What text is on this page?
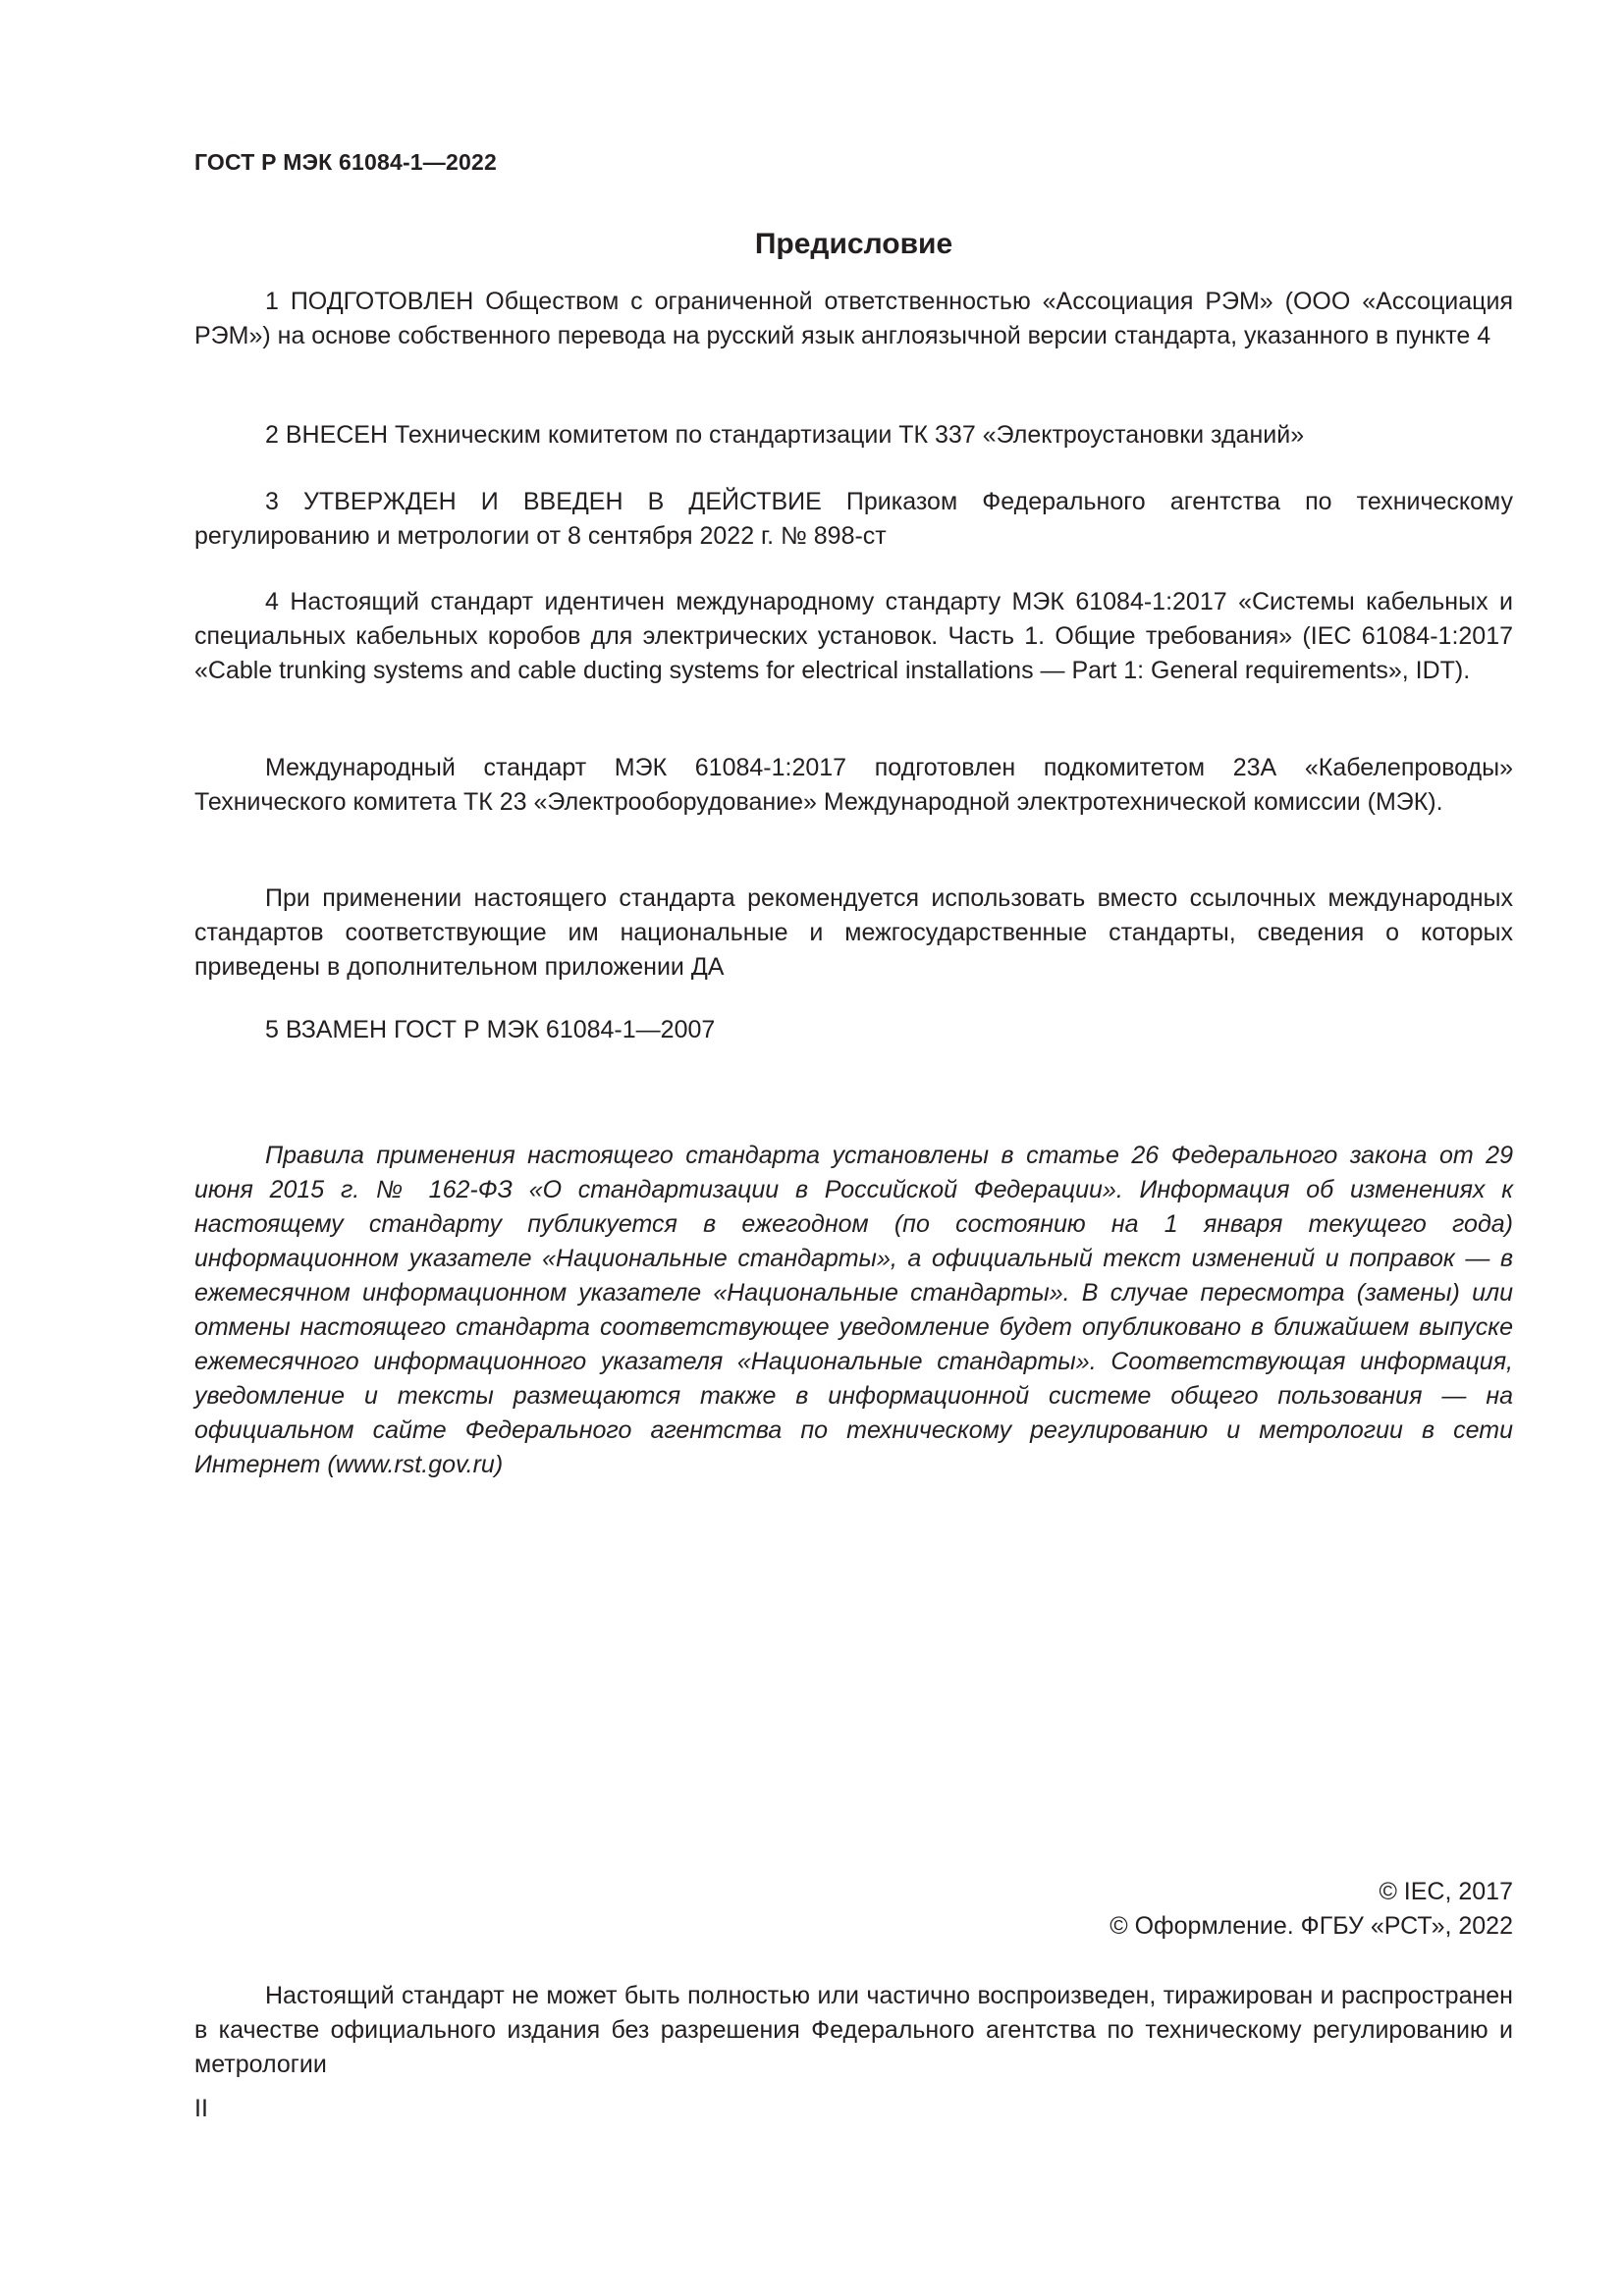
ГОСТ Р МЭК 61084-1—2022
Предисловие

1 ПОДГОТОВЛЕН Обществом с ограниченной ответственностью «Ассоциация РЭМ» (ООО «Ассоциация РЭМ») на основе собственного перевода на русский язык англоязычной версии стандарта, указанного в пункте 4

2 ВНЕСЕН Техническим комитетом по стандартизации ТК 337 «Электроустановки зданий»

3 УТВЕРЖДЕН И ВВЕДЕН В ДЕЙСТВИЕ Приказом Федерального агентства по техническому регулированию и метрологии от 8 сентября 2022 г. № 898-ст

4 Настоящий стандарт идентичен международному стандарту МЭК 61084-1:2017 «Системы кабельных и специальных кабельных коробов для электрических установок. Часть 1. Общие требования» (IEC 61084-1:2017 «Cable trunking systems and cable ducting systems for electrical installations — Part 1: General requirements», IDT).

Международный стандарт МЭК 61084-1:2017 подготовлен подкомитетом 23А «Кабелепроводы» Технического комитета ТК 23 «Электрооборудование» Международной электротехнической комиссии (МЭК).

При применении настоящего стандарта рекомендуется использовать вместо ссылочных международных стандартов соответствующие им национальные и межгосударственные стандарты, сведения о которых приведены в дополнительном приложении ДА

5 ВЗАМЕН ГОСТ Р МЭК 61084-1—2007

Правила применения настоящего стандарта установлены в статье 26 Федерального закона от 29 июня 2015 г. № 162-ФЗ «О стандартизации в Российской Федерации». Информация об изменениях к настоящему стандарту публикуется в ежегодном (по состоянию на 1 января текущего года) информационном указателе «Национальные стандарты», а официальный текст изменений и поправок — в ежемесячном информационном указателе «Национальные стандарты». В случае пересмотра (замены) или отмены настоящего стандарта соответствующее уведомление будет опубликовано в ближайшем выпуске ежемесячного информационного указателя «Национальные стандарты». Соответствующая информация, уведомление и тексты размещаются также в информационной системе общего пользования — на официальном сайте Федерального агентства по техническому регулированию и метрологии в сети Интернет (www.rst.gov.ru)

© IEC, 2017
© Оформление. ФГБУ «РСТ», 2022

Настоящий стандарт не может быть полностью или частично воспроизведен, тиражирован и распространен в качестве официального издания без разрешения Федерального агентства по техническому регулированию и метрологии

II
